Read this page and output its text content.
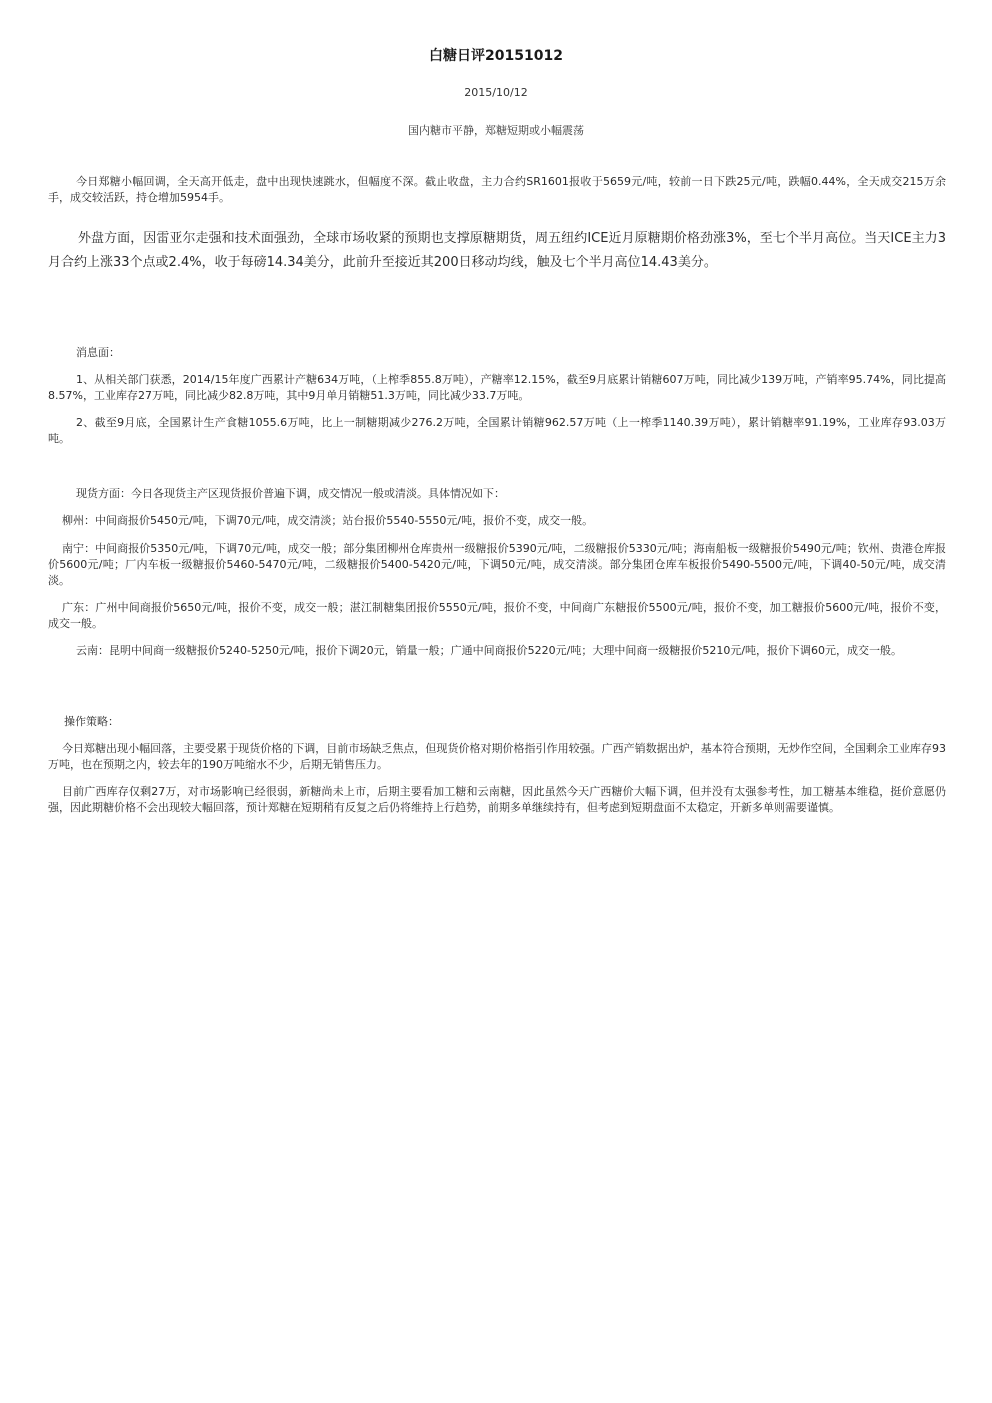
白糖日评20151012
2015/10/12
国内糖市平静，郑糖短期或小幅震荡

今日郑糖小幅回调，全天高开低走，盘中出现快速跳水，但幅度不深。截止收盘，主力合约SR1601报收于5659元/吨，较前一日下跌25元/吨，跌幅0.44%，全天成交215万余手，成交较活跃，持仓增加5954手。

外盘方面，因雷亚尔走强和技术面强劲，全球市场收紧的预期也支撑原糖期货，周五纽约ICE近月原糖期价格劲涨3%，至七个半月高位。当天ICE主力3月合约上涨33个点或2.4%，收于每磅14.34美分，此前升至接近其200日移动均线，触及七个半月高位14.43美分。

消息面：

1、从相关部门获悉，2014/15年度广西累计产糖634万吨，（上榨季855.8万吨），产糖率12.15%，截至9月底累计销糖607万吨，同比减少139万吨，产销率95.74%，同比提高8.57%，工业库存27万吨，同比减少82.8万吨，其中9月单月销糖51.3万吨，同比减少33.7万吨。

2、截至9月底，全国累计生产食糖1055.6万吨，比上一制糖期减少276.2万吨，全国累计销糖962.57万吨（上一榨季1140.39万吨），累计销糖率91.19%，工业库存93.03万吨。

现货方面：今日各现货主产区现货报价普遍下调，成交情况一般或清淡。具体情况如下：

柳州：中间商报价5450元/吨，下调70元/吨，成交清淡；站台报价5540-5550元/吨，报价不变，成交一般。

南宁：中间商报价5350元/吨，下调70元/吨，成交一般；部分集团柳州仓库贵州一级糖报价5390元/吨，二级糖报价5330元/吨；海南船板一级糖报价5490元/吨；钦州、贵港仓库报价5600元/吨；厂内车板一级糖报价5460-5470元/吨，二级糖报价5400-5420元/吨，下调50元/吨，成交清淡。部分集团仓库车板报价5490-5500元/吨，下调40-50元/吨，成交清淡。

广东：广州中间商报价5650元/吨，报价不变，成交一般；湛江制糖集团报价5550元/吨，报价不变，中间商广东糖报价5500元/吨，报价不变，加工糖报价5600元/吨，报价不变，成交一般。

云南：昆明中间商一级糖报价5240-5250元/吨，报价下调20元，销量一般；广通中间商报价5220元/吨；大理中间商一级糖报价5210元/吨，报价下调60元，成交一般。

操作策略：

今日郑糖出现小幅回落，主要受累于现货价格的下调，目前市场缺乏焦点，但现货价格对期价格指引作用较强。广西产销数据出炉，基本符合预期，无炒作空间，全国剩余工业库存93万吨，也在预期之内，较去年的190万吨缩水不少，后期无销售压力。

目前广西库存仅剩27万，对市场影响已经很弱，新糖尚未上市，后期主要看加工糖和云南糖，因此虽然今天广西糖价大幅下调，但并没有太强参考性，加工糖基本维稳，挺价意愿仍强，因此期糖价格不会出现较大幅回落，预计郑糖在短期稍有反复之后仍将维持上行趋势，前期多单继续持有，但考虑到短期盘面不太稳定，开新多单则需要谨慎。
